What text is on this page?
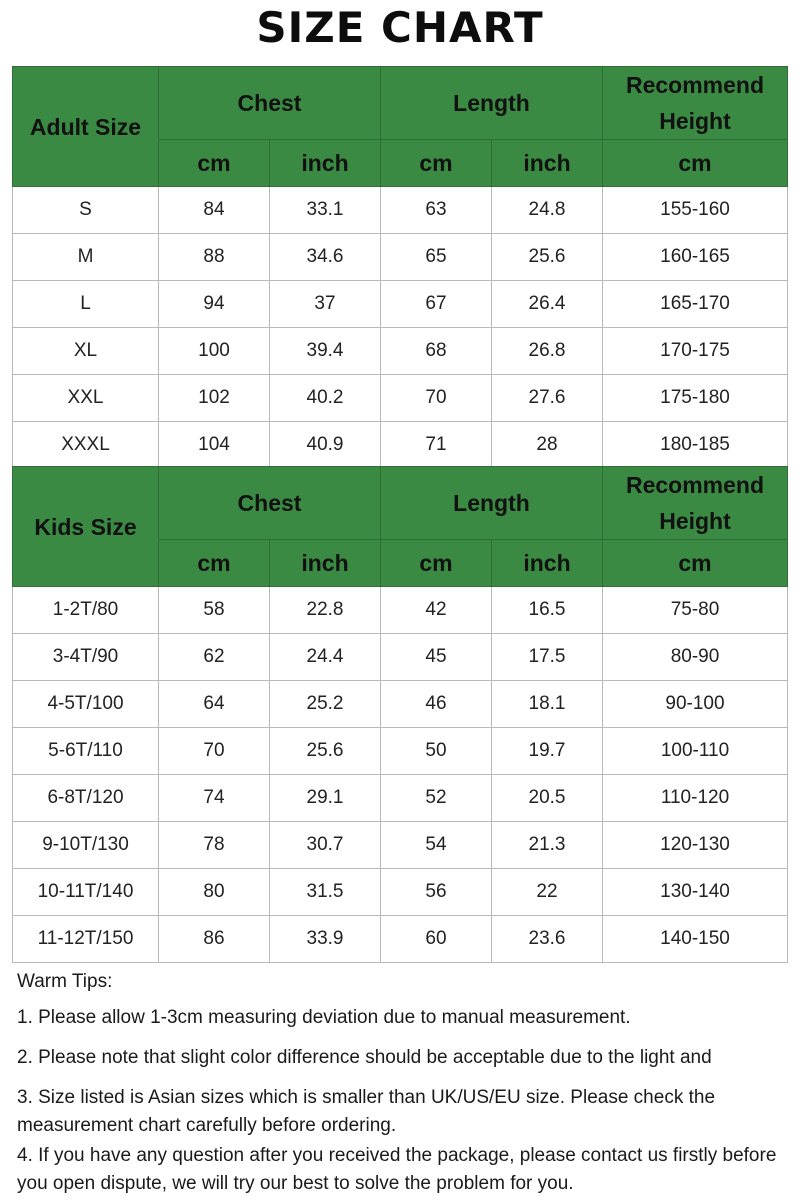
SIZE CHART
Adult Size	Chest		Length		Recommend Height
	cm	inch	cm	inch	cm
S	84	33.1	63	24.8	155-160
M	88	34.6	65	25.6	160-165
L	94	37	67	26.4	165-170
XL	100	39.4	68	26.8	170-175
XXL	102	40.2	70	27.6	175-180
XXXL	104	40.9	71	28	180-185
Kids Size	Chest		Length		Recommend Height
	cm	inch	cm	inch	cm
1-2T/80	58	22.8	42	16.5	75-80
3-4T/90	62	24.4	45	17.5	80-90
4-5T/100	64	25.2	46	18.1	90-100
5-6T/110	70	25.6	50	19.7	100-110
6-8T/120	74	29.1	52	20.5	110-120
9-10T/130	78	30.7	54	21.3	120-130
10-11T/140	80	31.5	56	22	130-140
11-12T/150	86	33.9	60	23.6	140-150
Warm Tips:
1. Please allow 1-3cm measuring deviation due to manual measurement.
2. Please note that slight color difference should be acceptable due to the light and
3. Size listed is Asian sizes which is smaller than UK/US/EU size. Please check the measurement chart carefully before ordering.
4. If you have any question after you received the package, please contact us firstly before you open dispute, we will try our best to solve the problem for you.
